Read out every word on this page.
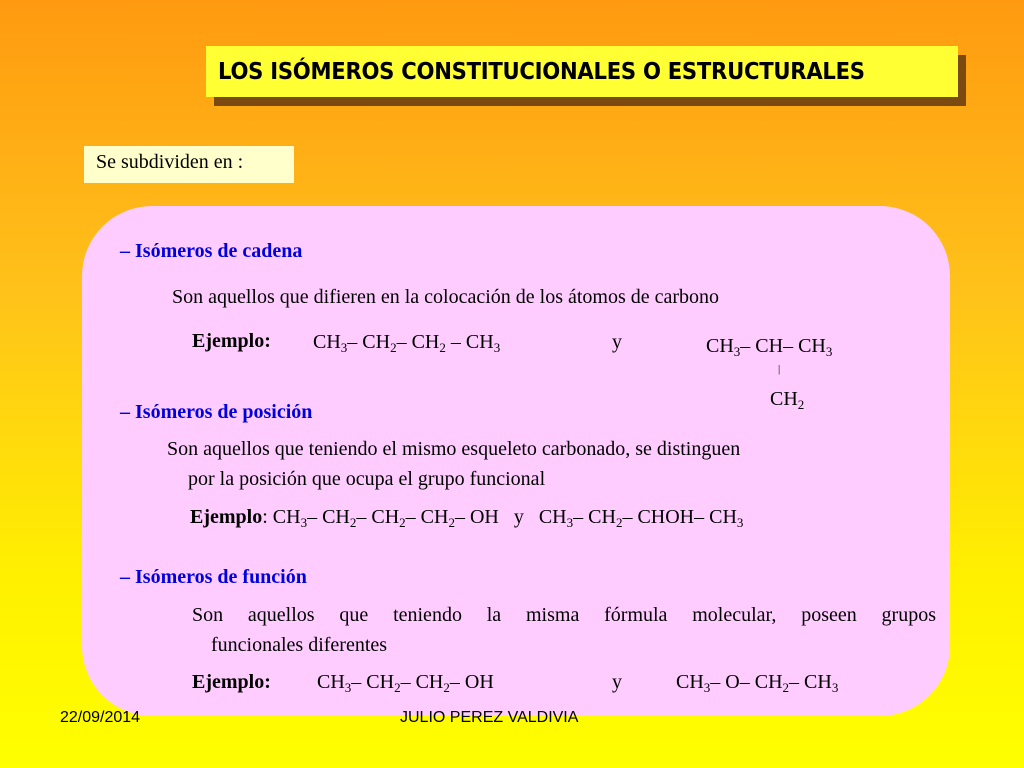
LOS ISÓMEROS CONSTITUCIONALES O ESTRUCTURALES
Se subdividen en :
– Isómeros de cadena
Son aquellos que difieren en la colocación de los átomos de carbono
Ejemplo: $CH_3-$ $CH_2-$ $CH_2 - CH_3$	y	$CH_3-$ CH– $CH_3$
|
$CH_2$
– Isómeros de posición
Son aquellos que teniendo el mismo esqueleto carbonado, se distinguen
por la posición que ocupa el grupo funcional
Ejemplo: $CH_3-$ $CH_2-$ $CH_2-$ $CH_2-$ OH   y   $CH_3-$ $CH_2-$ CHOH– $CH_3$
– Isómeros de función
Son aquellos que teniendo la misma fórmula molecular, poseen grupos
funcionales diferentes
Ejemplo: $CH_3-$ $CH_2-$ $CH_2-$ OH	y	$CH_3-$ O– $CH_2-$ $CH_3$
22/09/2014	JULIO PEREZ VALDIVIA
